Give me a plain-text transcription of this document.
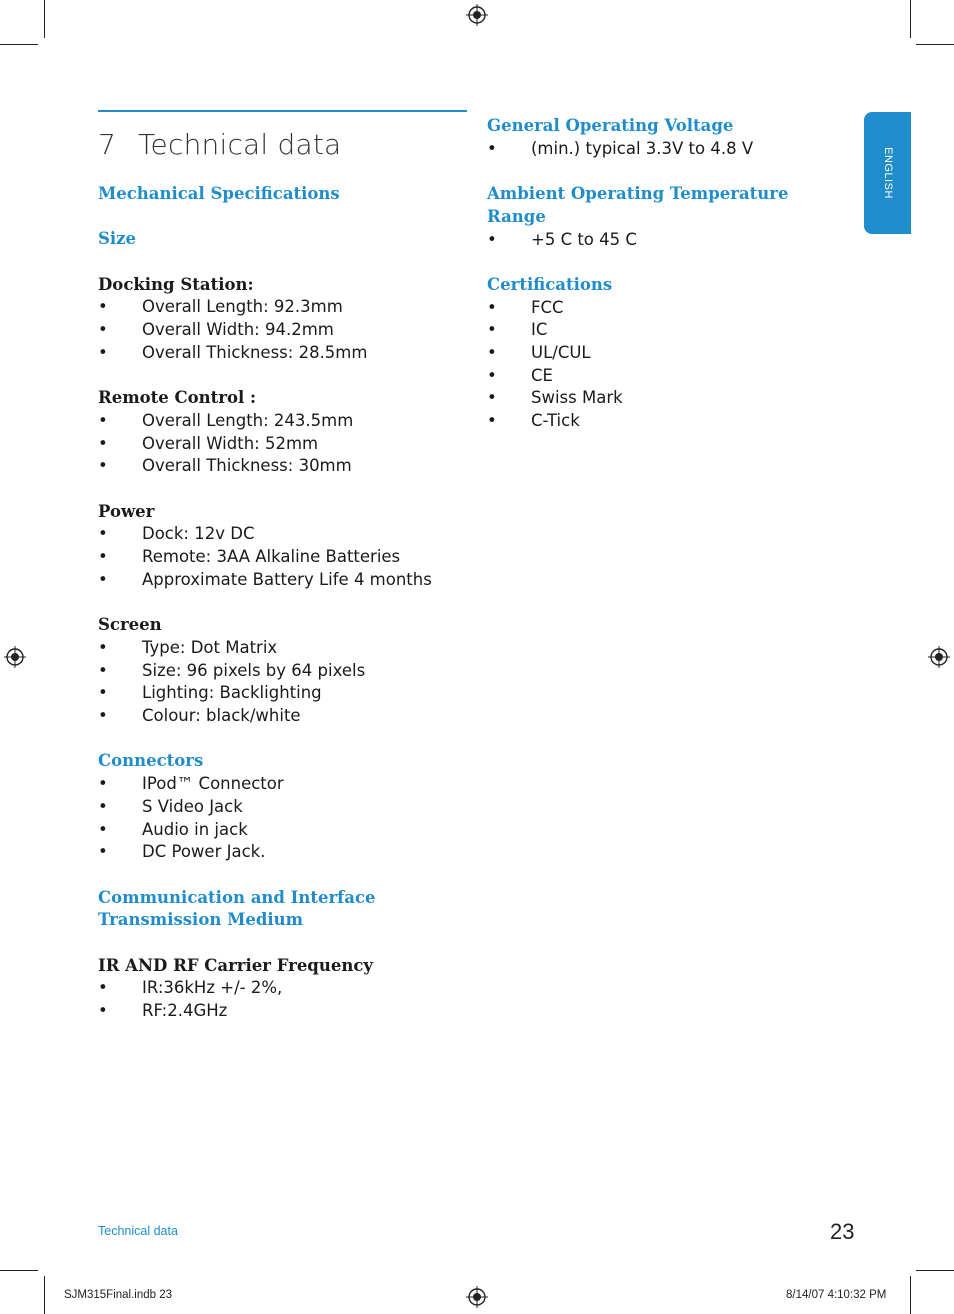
ENGLISH
7 Technical data
Mechanical Specifications
Size
Docking Station:
• Overall Length: 92.3mm
• Overall Width: 94.2mm
• Overall Thickness: 28.5mm
Remote Control :
• Overall Length: 243.5mm
• Overall Width: 52mm
• Overall Thickness: 30mm
Power
• Dock: 12v DC
• Remote: 3AA Alkaline Batteries
• Approximate Battery Life 4 months
Screen
• Type: Dot Matrix
• Size: 96 pixels by 64 pixels
• Lighting: Backlighting
• Colour: black/white
Connectors
• IPod™ Connector
• S Video Jack
• Audio in jack
• DC Power Jack.
Communication and Interface
Transmission Medium
IR AND RF Carrier Frequency
• IR:36kHz +/- 2%,
• RF:2.4GHz
General Operating Voltage
• (min.) typical 3.3V to 4.8 V
Ambient Operating Temperature Range
• +5 C to 45 C
Certifications
• FCC
• IC
• UL/CUL
• CE
• Swiss Mark
• C-Tick
Technical data	23
SJM315Final.indb 23	8/14/07 4:10:32 PM
